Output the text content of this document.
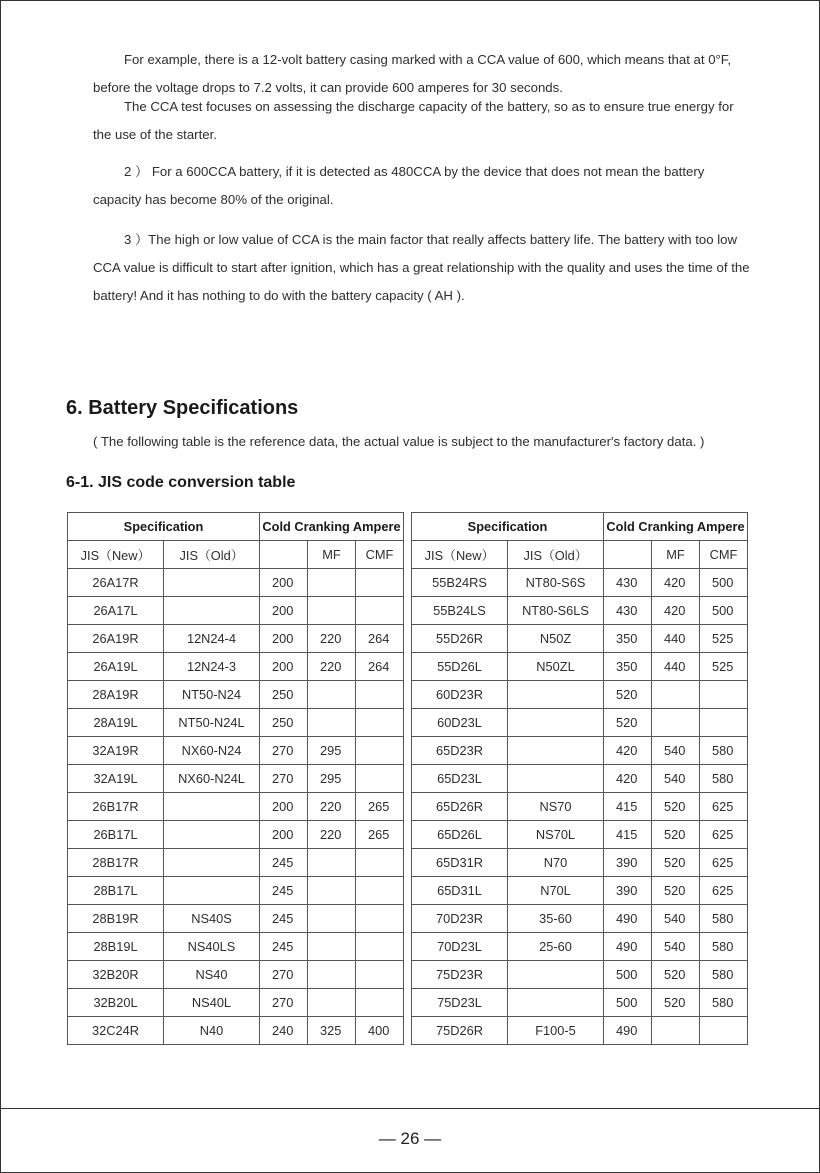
For example, there is a 12-volt battery casing marked with a CCA value of 600, which means that at 0°F, before the voltage drops to 7.2 volts, it can provide 600 amperes for 30 seconds.

The CCA test focuses on assessing the discharge capacity of the battery, so as to ensure true energy for the use of the starter.

2 ） For a 600CCA battery, if it is detected as 480CCA by the device that does not mean the battery capacity has become 80% of the original.

3 ）The high or low value of CCA is the main factor that really affects battery life. The battery with too low CCA value is difficult to start after ignition, which has a great relationship with the quality and uses the time of the battery! And it has nothing to do with the battery capacity ( AH ).

6. Battery Specifications
( The following table is the reference data, the actual value is subject to the manufacturer's factory data. )
6-1. JIS code conversion table
Specification		Cold Cranking Ampere		
JIS（New）	JIS（Old）		MF	CMF
26A17R		200		
26A17L		200		
26A19R	12N24-4	200	220	264
26A19L	12N24-3	200	220	264
28A19R	NT50-N24	250		
28A19L	NT50-N24L	250		
32A19R	NX60-N24	270	295	
32A19L	NX60-N24L	270	295	
26B17R		200	220	265
26B17L		200	220	265
28B17R		245		
28B17L		245		
28B19R	NS40S	245		
28B19L	NS40LS	245		
32B20R	NS40	270		
32B20L	NS40L	270		
32C24R	N40	240	325	400
Specification		Cold Cranking Ampere		
JIS（New）	JIS（Old）		MF	CMF
55B24RS	NT80-S6S	430	420	500
55B24LS	NT80-S6LS	430	420	500
55D26R	N50Z	350	440	525
55D26L	N50ZL	350	440	525
60D23R		520		
60D23L		520		
65D23R		420	540	580
65D23L		420	540	580
65D26R	NS70	415	520	625
65D26L	NS70L	415	520	625
65D31R	N70	390	520	625
65D31L	N70L	390	520	625
70D23R	35-60	490	540	580
70D23L	25-60	490	540	580
75D23R		500	520	580
75D23L		500	520	580
75D26R	F100-5	490		
— 26 —
